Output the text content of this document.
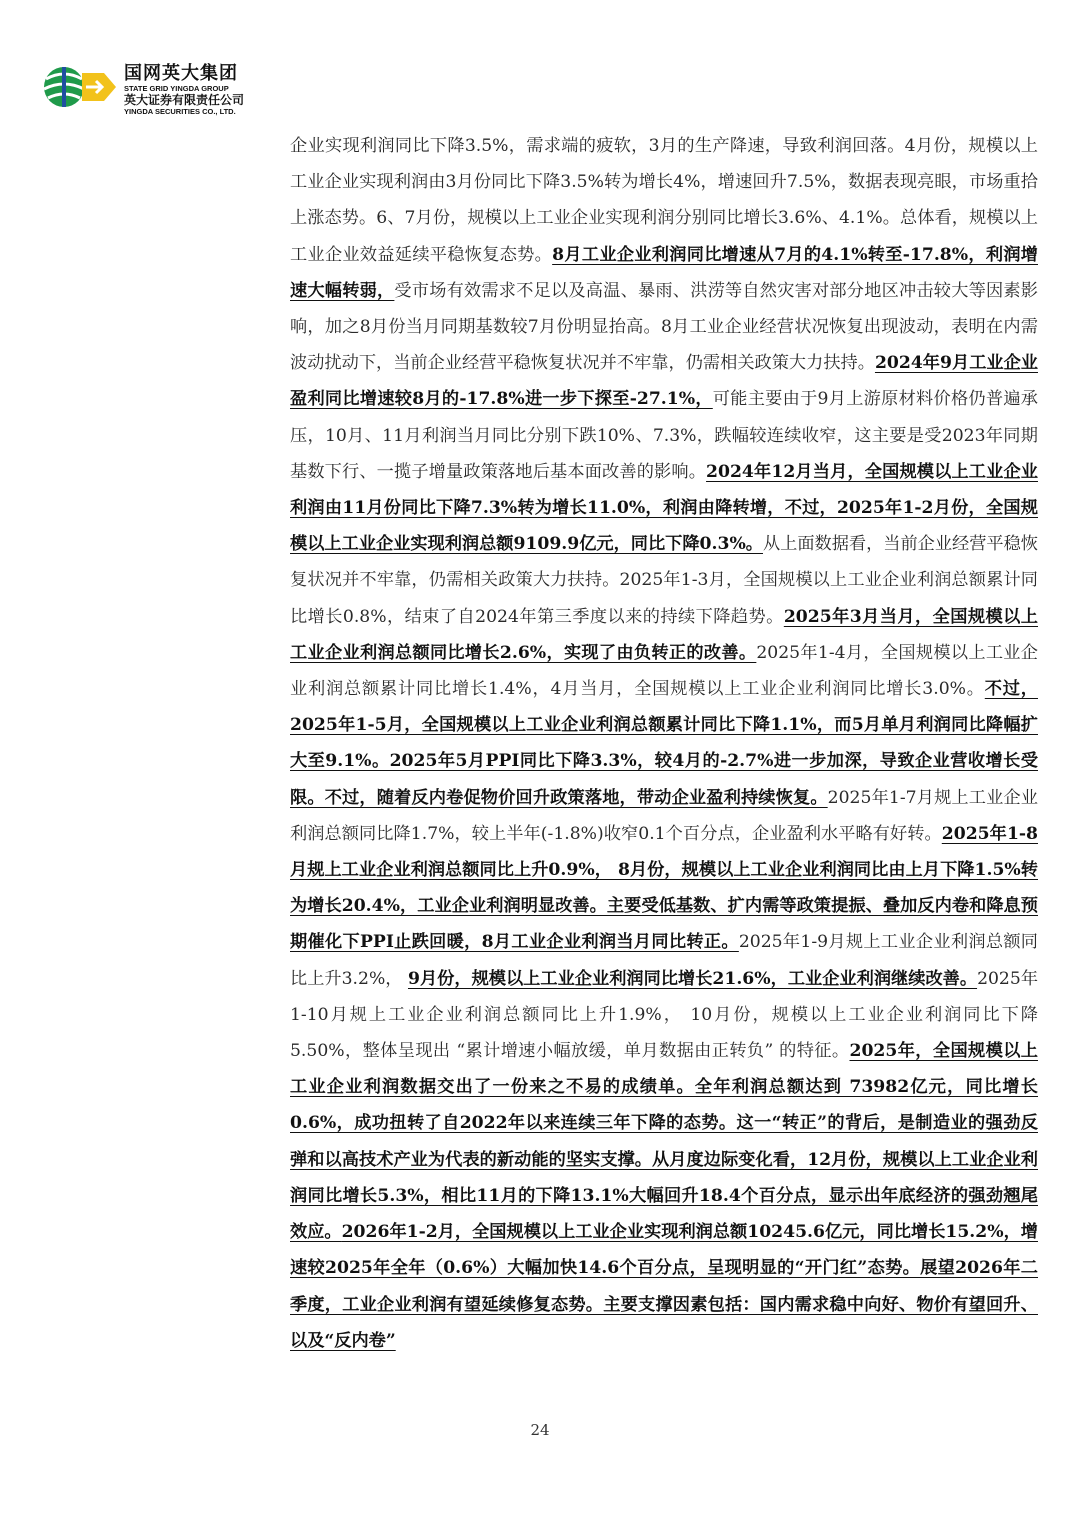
国网英大集团
STATE GRID YINGDA GROUP
英大证券有限责任公司
YINGDA SECURITIES CO., LTD.
企业实现利润同比下降3.5%，需求端的疲软，3月的生产降速，导致利润回落。4月份，规模以上工业企业实现利润由3月份同比下降3.5%转为增长4%，增速回升7.5%，数据表现亮眼，市场重拾上涨态势。6、7月份，规模以上工业企业实现利润分别同比增长3.6%、4.1%。总体看，规模以上工业企业效益延续平稳恢复态势。8月工业企业利润同比增速从7月的4.1%转至-17.8%，利润增速大幅转弱，受市场有效需求不足以及高温、暴雨、洪涝等自然灾害对部分地区冲击较大等因素影响，加之8月份当月同期基数较7月份明显抬高。8月工业企业经营状况恢复出现波动，表明在内需波动扰动下，当前企业经营平稳恢复状况并不牢靠，仍需相关政策大力扶持。2024年9月工业企业盈利同比增速较8月的-17.8%进一步下探至-27.1%，可能主要由于9月上游原材料价格仍普遍承压，10月、11月利润当月同比分别下跌10%、7.3%，跌幅较连续收窄，这主要是受2023年同期基数下行、一揽子增量政策落地后基本面改善的影响。2024年12月当月，全国规模以上工业企业利润由11月份同比下降7.3%转为增长11.0%，利润由降转增，不过，2025年1-2月份，全国规模以上工业企业实现利润总额9109.9亿元，同比下降0.3%。从上面数据看，当前企业经营平稳恢复状况并不牢靠，仍需相关政策大力扶持。2025年1-3月，全国规模以上工业企业利润总额累计同比增长0.8%，结束了自2024年第三季度以来的持续下降趋势。2025年3月当月，全国规模以上工业企业利润总额同比增长2.6%，实现了由负转正的改善。2025年1-4月，全国规模以上工业企业利润总额累计同比增长1.4%，4月当月，全国规模以上工业企业利润同比增长3.0%。不过， 2025年1-5月，全国规模以上工业企业利润总额累计同比下降1.1%，而5月单月利润同比降幅扩大至9.1%。2025年5月PPI同比下降3.3%，较4月的-2.7%进一步加深，导致企业营收增长受限。不过，随着反内卷促物价回升政策落地，带动企业盈利持续恢复。2025年1-7月规上工业企业利润总额同比降1.7%，较上半年(-1.8%)收窄0.1个百分点，企业盈利水平略有好转。2025年1-8月规上工业企业利润总额同比上升0.9%， 8月份，规模以上工业企业利润同比由上月下降1.5%转为增长20.4%，工业企业利润明显改善。主要受低基数、扩内需等政策提振、叠加反内卷和降息预期催化下PPI止跌回暖，8月工业企业利润当月同比转正。2025年1-9月规上工业企业利润总额同比上升3.2%， 9月份，规模以上工业企业利润同比增长21.6%，工业企业利润继续改善。2025年1-10月规上工业企业利润总额同比上升1.9%， 10月份，规模以上工业企业利润同比下降5.50%，整体呈现出 “累计增速小幅放缓，单月数据由正转负” 的特征。2025年，全国规模以上工业企业利润数据交出了一份来之不易的成绩单。全年利润总额达到 73982亿元，同比增长0.6%，成功扭转了自2022年以来连续三年下降的态势。这一“转正”的背后，是制造业的强劲反弹和以高技术产业为代表的新动能的坚实支撑。从月度边际变化看，12月份，规模以上工业企业利润同比增长5.3%，相比11月的下降13.1%大幅回升18.4个百分点，显示出年底经济的强劲翘尾效应。2026年1-2月，全国规模以上工业企业实现利润总额10245.6亿元，同比增长15.2%，增速较2025年全年（0.6%）大幅加快14.6个百分点，呈现明显的“开门红”态势。展望2026年二季度，工业企业利润有望延续修复态势。主要支撑因素包括：国内需求稳中向好、物价有望回升、以及“反内卷”
24
